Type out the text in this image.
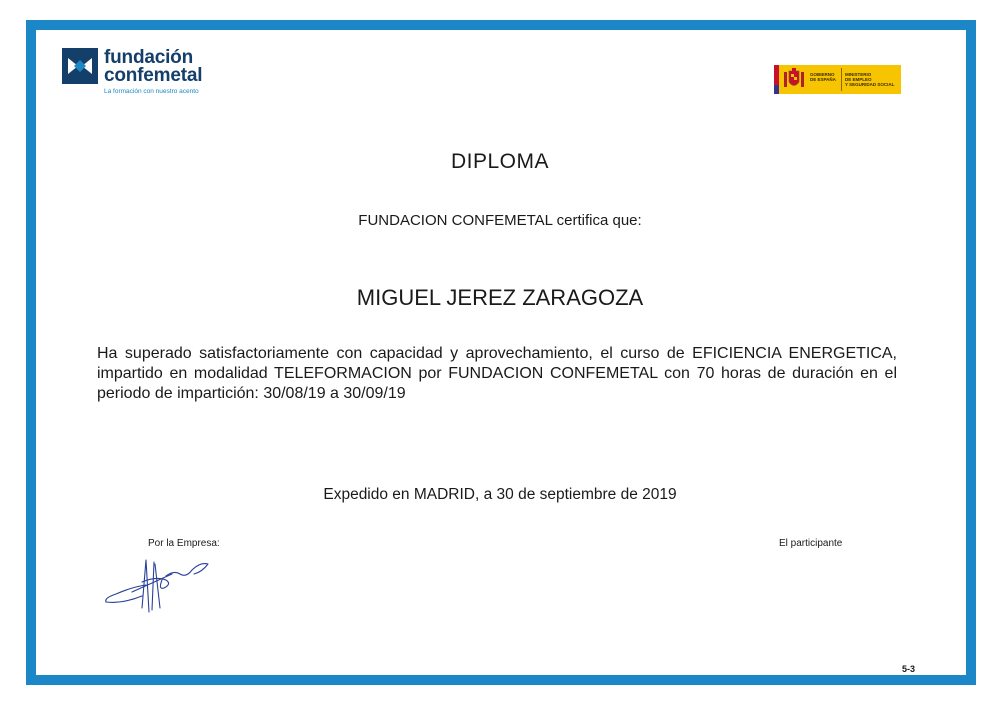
fundación
confemetal
La formación con nuestro acento
GOBIERNO
DE ESPAÑA
MINISTERIO
DE EMPLEO
Y SEGURIDAD SOCIAL
DIPLOMA
FUNDACION CONFEMETAL certifica que:
MIGUEL JEREZ ZARAGOZA
Ha superado satisfactoriamente con capacidad y aprovechamiento, el curso de EFICIENCIA ENERGETICA, impartido en modalidad TELEFORMACION por FUNDACION CONFEMETAL con 70 horas de duración en el periodo de impartición: 30/08/19 a 30/09/19
Expedido en MADRID, a 30 de septiembre de 2019
Por la Empresa:	El participante
5-3
